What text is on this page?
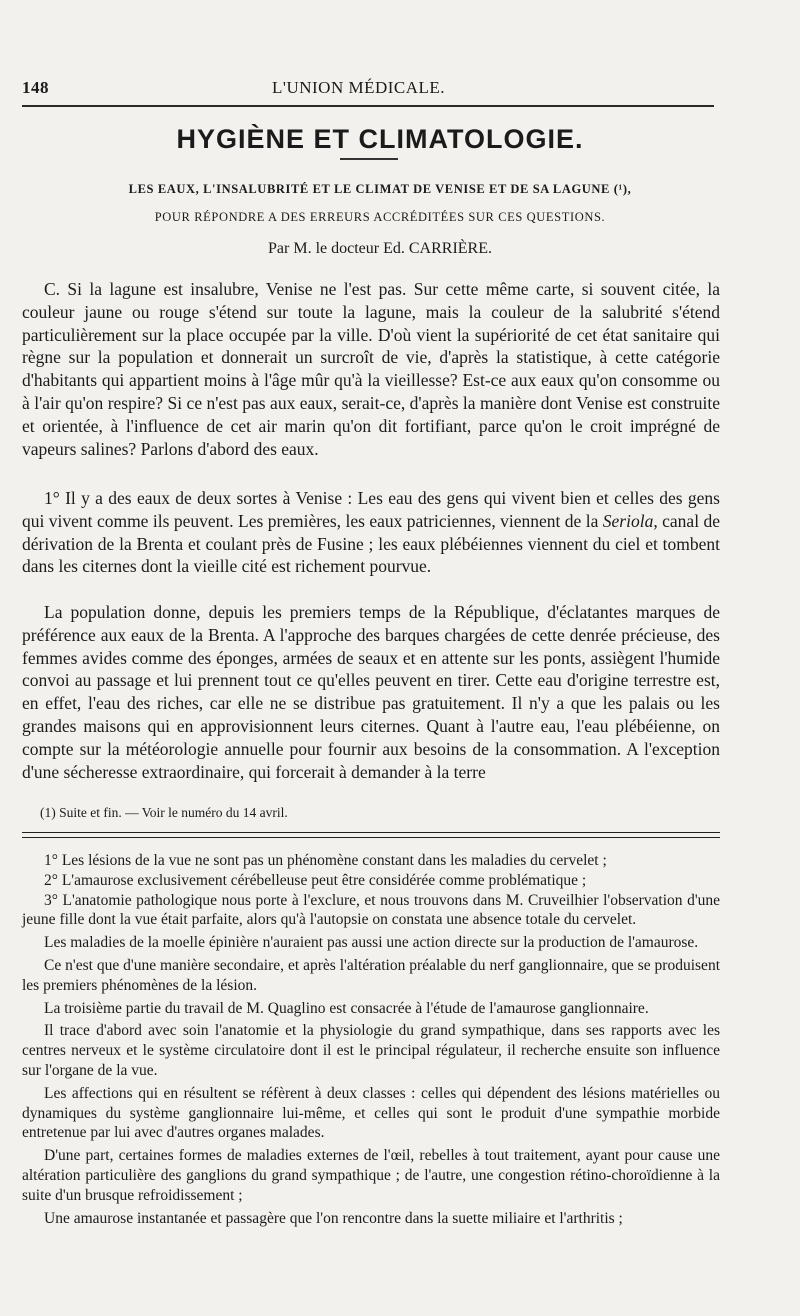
148	L'UNION MÉDICALE.
HYGIÈNE ET CLIMATOLOGIE.
LES EAUX, L'INSALUBRITÉ ET LE CLIMAT DE VENISE ET DE SA LAGUNE (¹),
POUR RÉPONDRE A DES ERREURS ACCRÉDITÉES SUR CES QUESTIONS.
Par M. le docteur Ed. CARRIÈRE.

C. Si la lagune est insalubre, Venise ne l'est pas. Sur cette même carte, si souvent citée, la couleur jaune ou rouge s'étend sur toute la lagune, mais la couleur de la salubrité s'étend particulièrement sur la place occupée par la ville. D'où vient la supériorité de cet état sanitaire qui règne sur la population et donnerait un surcroît de vie, d'après la statistique, à cette catégorie d'habitants qui appartient moins à l'âge mûr qu'à la vieillesse? Est-ce aux eaux qu'on consomme ou à l'air qu'on respire? Si ce n'est pas aux eaux, serait-ce, d'après la manière dont Venise est construite et orientée, à l'influence de cet air marin qu'on dit fortifiant, parce qu'on le croit imprégné de vapeurs salines? Parlons d'abord des eaux.

1° Il y a des eaux de deux sortes à Venise : Les eau des gens qui vivent bien et celles des gens qui vivent comme ils peuvent. Les premières, les eaux patriciennes, viennent de la Seriola, canal de dérivation de la Brenta et coulant près de Fusine ; les eaux plébéiennes viennent du ciel et tombent dans les citernes dont la vieille cité est richement pourvue.

La population donne, depuis les premiers temps de la République, d'éclatantes marques de préférence aux eaux de la Brenta. A l'approche des barques chargées de cette denrée précieuse, des femmes avides comme des éponges, armées de seaux et en attente sur les ponts, assiègent l'humide convoi au passage et lui prennent tout ce qu'elles peuvent en tirer. Cette eau d'origine terrestre est, en effet, l'eau des riches, car elle ne se distribue pas gratuitement. Il n'y a que les palais ou les grandes maisons qui en approvisionnent leurs citernes. Quant à l'autre eau, l'eau plébéienne, on compte sur la météorologie annuelle pour fournir aux besoins de la consommation. A l'exception d'une sécheresse extraordinaire, qui forcerait à demander à la terre

(1) Suite et fin. — Voir le numéro du 14 avril.

1° Les lésions de la vue ne sont pas un phénomène constant dans les maladies du cervelet ;

2° L'amaurose exclusivement cérébelleuse peut être considérée comme problématique ;

3° L'anatomie pathologique nous porte à l'exclure, et nous trouvons dans M. Cruveilhier l'observation d'une jeune fille dont la vue était parfaite, alors qu'à l'autopsie on constata une absence totale du cervelet.

Les maladies de la moelle épinière n'auraient pas aussi une action directe sur la production de l'amaurose.

Ce n'est que d'une manière secondaire, et après l'altération préalable du nerf ganglionnaire, que se produisent les premiers phénomènes de la lésion.

La troisième partie du travail de M. Quaglino est consacrée à l'étude de l'amaurose ganglionnaire.

Il trace d'abord avec soin l'anatomie et la physiologie du grand sympathique, dans ses rapports avec les centres nerveux et le système circulatoire dont il est le principal régulateur, il recherche ensuite son influence sur l'organe de la vue.

Les affections qui en résultent se réfèrent à deux classes : celles qui dépendent des lésions matérielles ou dynamiques du système ganglionnaire lui-même, et celles qui sont le produit d'une sympathie morbide entretenue par lui avec d'autres organes malades.

D'une part, certaines formes de maladies externes de l'œil, rebelles à tout traitement, ayant pour cause une altération particulière des ganglions du grand sympathique ; de l'autre, une congestion rétino-choroïdienne à la suite d'un brusque refroidissement ;

Une amaurose instantanée et passagère que l'on rencontre dans la suette miliaire et l'arthritis ;
